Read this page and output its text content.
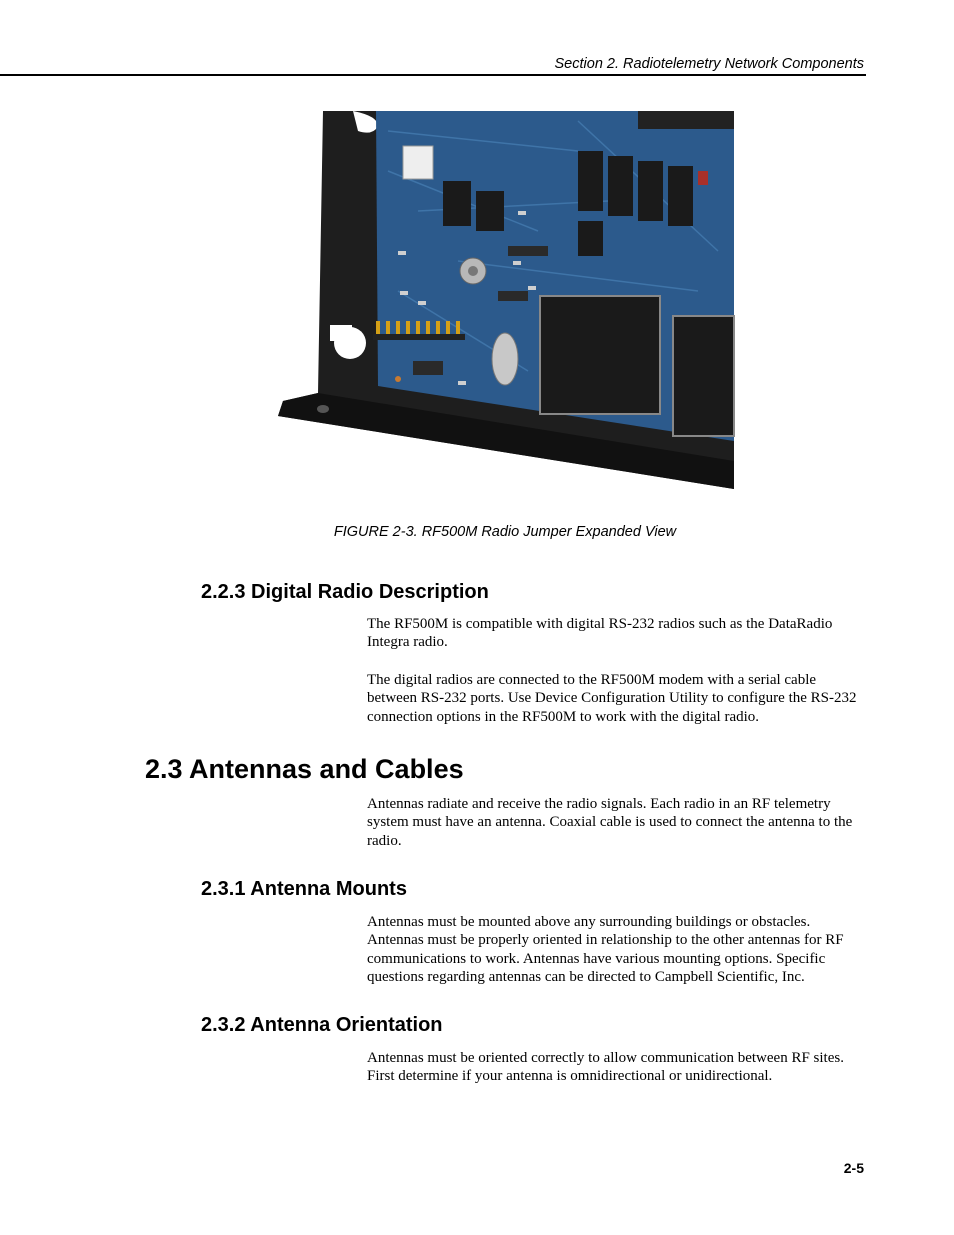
Section 2. Radiotelemetry Network Components
FIGURE 2-3. RF500M Radio Jumper Expanded View
2.2.3 Digital Radio Description

The RF500M is compatible with digital RS-232 radios such as the DataRadio Integra radio.

The digital radios are connected to the RF500M modem with a serial cable between RS-232 ports. Use Device Configuration Utility to configure the RS-232 connection options in the RF500M to work with the digital radio.

2.3 Antennas and Cables

Antennas radiate and receive the radio signals. Each radio in an RF telemetry system must have an antenna. Coaxial cable is used to connect the antenna to the radio.

2.3.1 Antenna Mounts

Antennas must be mounted above any surrounding buildings or obstacles. Antennas must be properly oriented in relationship to the other antennas for RF communications to work. Antennas have various mounting options. Specific questions regarding antennas can be directed to Campbell Scientific, Inc.

2.3.2 Antenna Orientation

Antennas must be oriented correctly to allow communication between RF sites. First determine if your antenna is omnidirectional or unidirectional.

2-5
